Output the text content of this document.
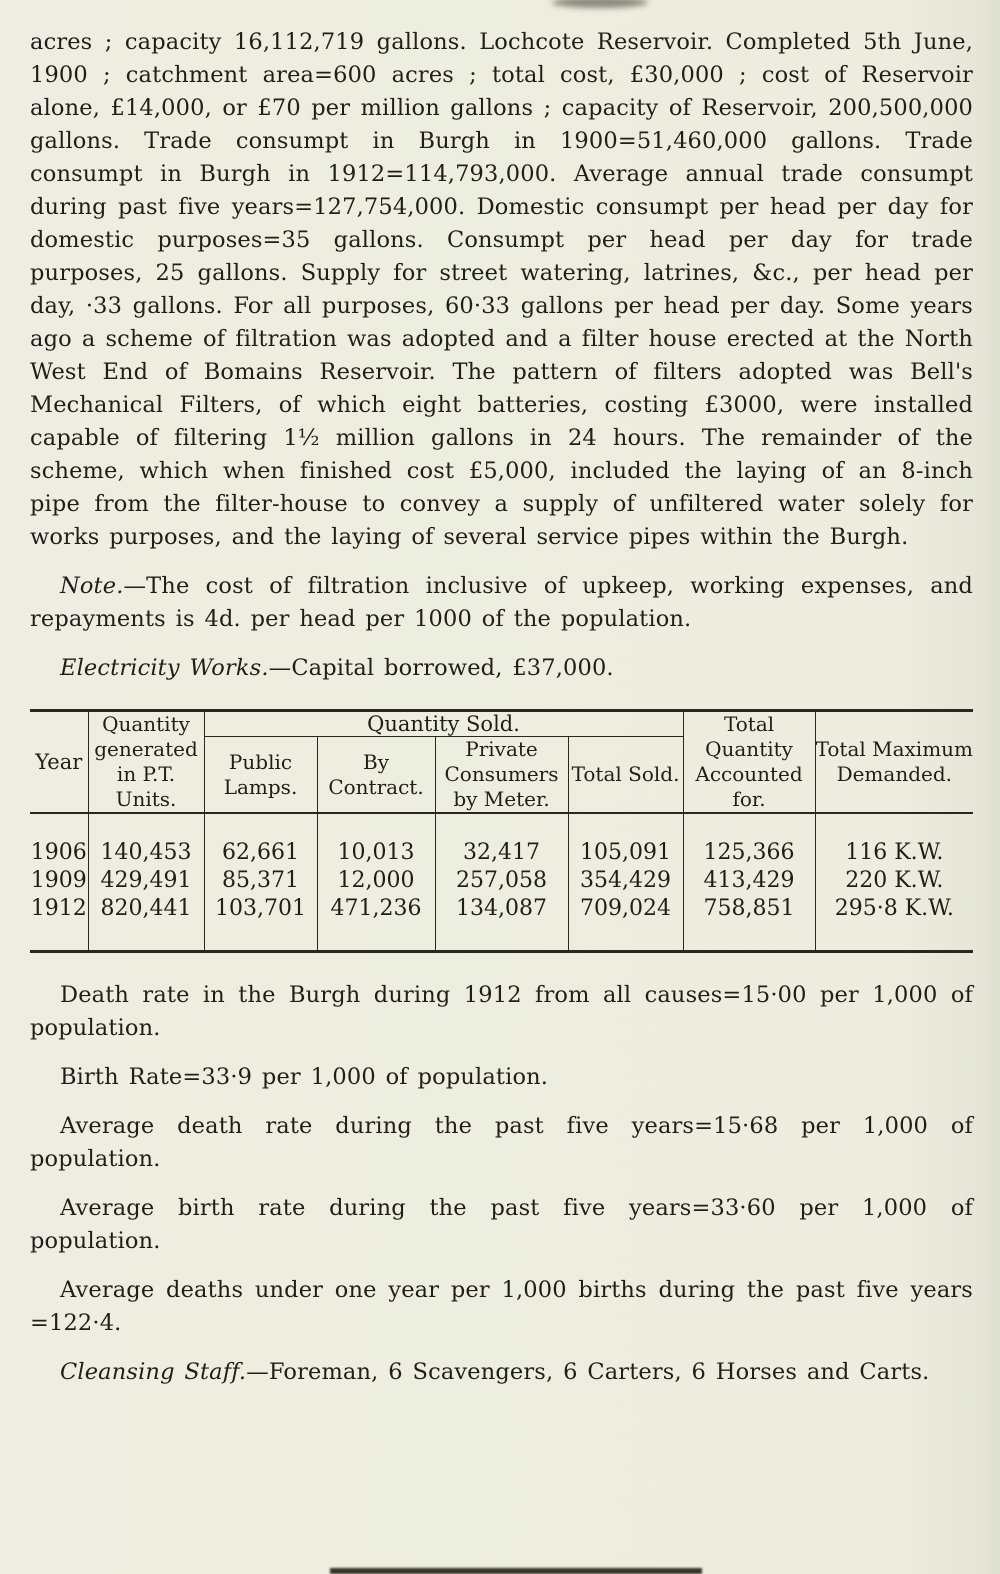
acres ; capacity 16,112,719 gallons. Lochcote Reservoir. Completed 5th June, 1900 ; catchment area=600 acres ; total cost, £30,000 ; cost of Reservoir alone, £14,000, or £70 per million gallons ; capacity of Reservoir, 200,500,000 gallons. Trade consumpt in Burgh in 1900=51,460,000 gallons. Trade consumpt in Burgh in 1912=114,793,000. Average annual trade consumpt during past five years=127,754,000. Domestic consumpt per head per day for domestic purposes=35 gallons. Consumpt per head per day for trade purposes, 25 gallons. Supply for street watering, latrines, &c., per head per day, ·33 gallons. For all purposes, 60·33 gallons per head per day. Some years ago a scheme of filtration was adopted and a filter house erected at the North West End of Bomains Reservoir. The pattern of filters adopted was Bell's Mechanical Filters, of which eight batteries, costing £3000, were installed capable of filtering 1½ million gallons in 24 hours. The remainder of the scheme, which when finished cost £5,000, included the laying of an 8-inch pipe from the filter-house to convey a supply of unfiltered water solely for works purposes, and the laying of several service pipes within the Burgh.

Note.—The cost of filtration inclusive of upkeep, working expenses, and repayments is 4d. per head per 1000 of the population.

Electricity Works.—Capital borrowed, £37,000.

Year	Quantity generated in P.T. Units.	Quantity Sold.				Total Quantity Accounted for.	Total Maximum Demanded.
		Public Lamps.	By Contract.	Private Consumers by Meter.	Total Sold.		
1906	140,453	62,661	10,013	32,417	105,091	125,366	116 K.W.
1909	429,491	85,371	12,000	257,058	354,429	413,429	220 K.W.
1912	820,441	103,701	471,236	134,087	709,024	758,851	295·8 K.W.

Death rate in the Burgh during 1912 from all causes=15·00 per 1,000 of population.

Birth Rate=33·9 per 1,000 of population.

Average death rate during the past five years=15·68 per 1,000 of population.

Average birth rate during the past five years=33·60 per 1,000 of population.

Average deaths under one year per 1,000 births during the past five years =122·4.

Cleansing Staff.—Foreman, 6 Scavengers, 6 Carters, 6 Horses and Carts.
